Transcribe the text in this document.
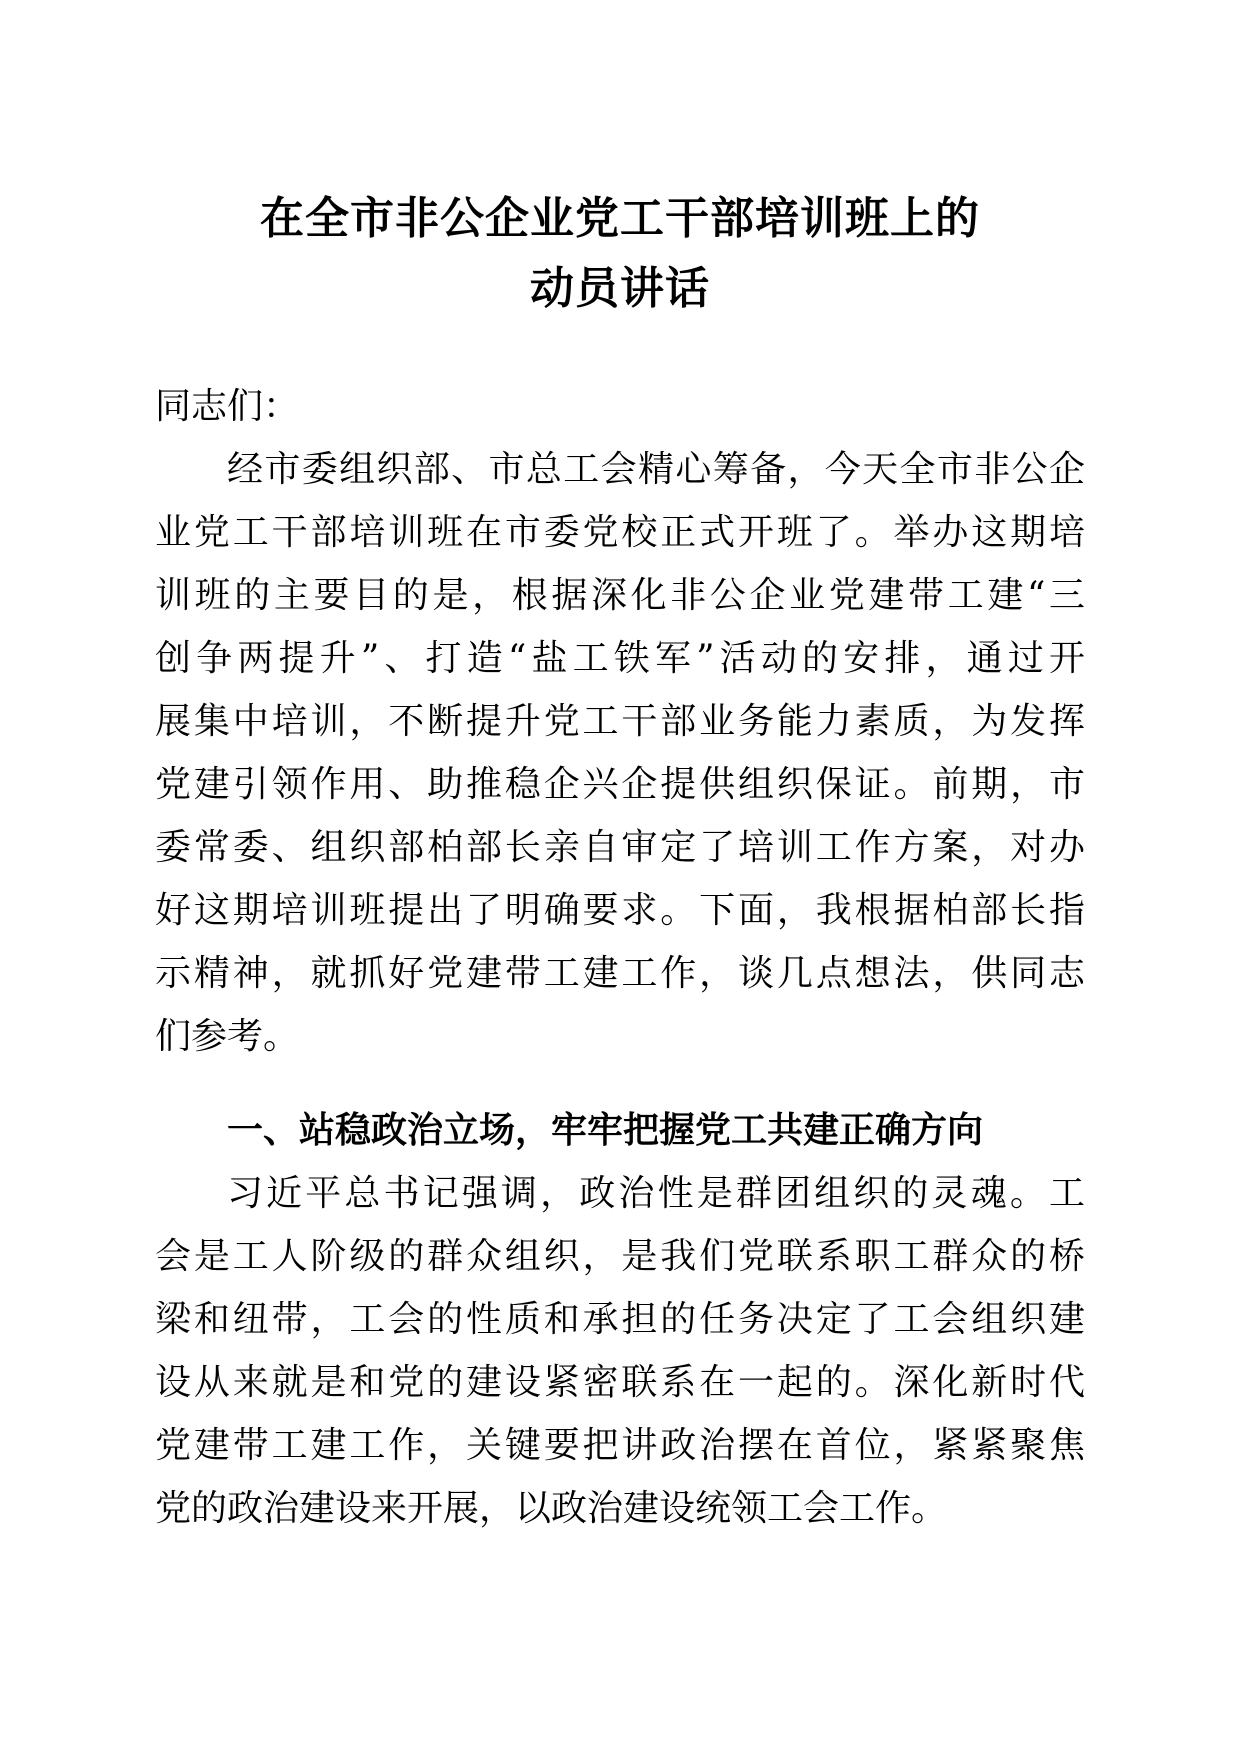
在全市非公企业党工干部培训班上的
动员讲话

同志们：

经市委组织部、市总工会精心筹备，今天全市非公企
业党工干部培训班在市委党校正式开班了。举办这期培
训班的主要目的是，根据深化非公企业党建带工建“三
创争两提升”、打造“盐工铁军”活动的安排，通过开
展集中培训，不断提升党工干部业务能力素质，为发挥
党建引领作用、助推稳企兴企提供组织保证。前期，市
委常委、组织部柏部长亲自审定了培训工作方案，对办
好这期培训班提出了明确要求。下面，我根据柏部长指
示精神，就抓好党建带工建工作，谈几点想法，供同志
们参考。
一、站稳政治立场，牢牢把握党工共建正确方向
习近平总书记强调，政治性是群团组织的灵魂。工
会是工人阶级的群众组织，是我们党联系职工群众的桥
梁和纽带，工会的性质和承担的任务决定了工会组织建
设从来就是和党的建设紧密联系在一起的。深化新时代
党建带工建工作，关键要把讲政治摆在首位，紧紧聚焦
党的政治建设来开展，以政治建设统领工会工作。
